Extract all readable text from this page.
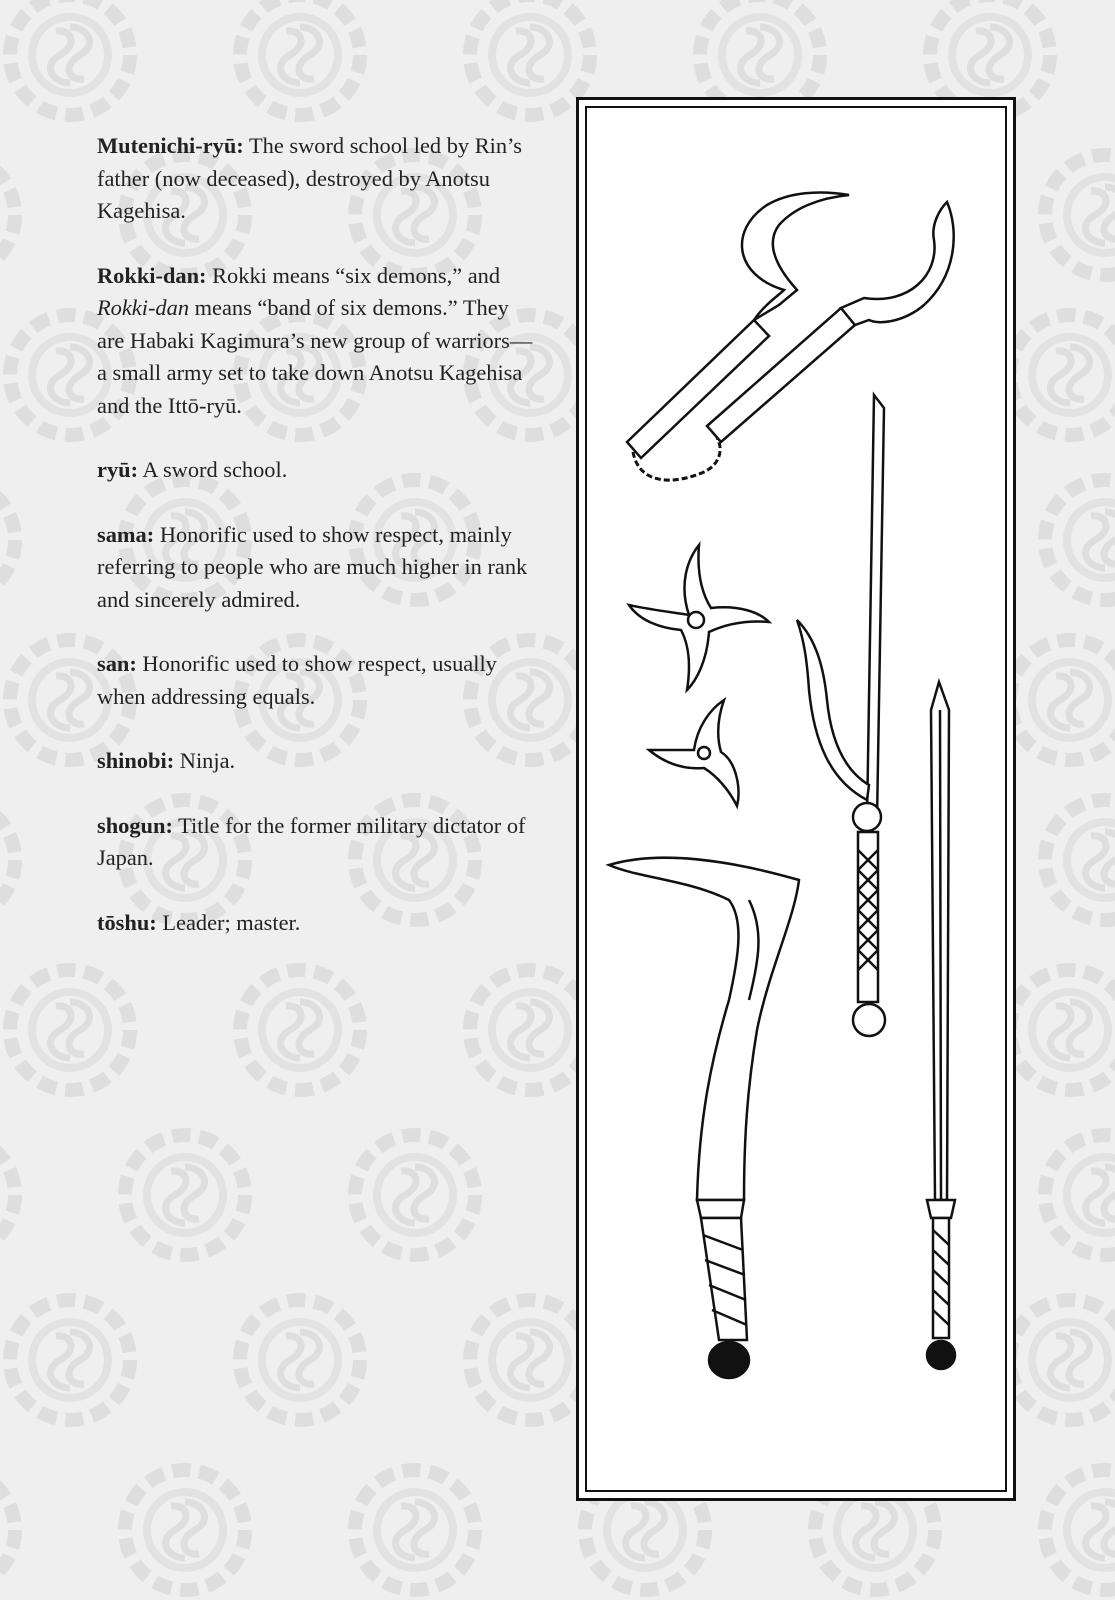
Mutenichi-ryū: The sword school led by Rin’s father (now deceased), destroyed by Anotsu Kagehisa.

Rokki-dan: Rokki means “six demons,” and Rokki-dan means “band of six demons.” They are Habaki Kagimura’s new group of warriors—a small army set to take down Anotsu Kagehisa and the Ittō-ryū.

ryū: A sword school.

sama: Honorific used to show respect, mainly referring to people who are much higher in rank and sincerely admired.

san: Honorific used to show respect, usually when addressing equals.

shinobi: Ninja.

shogun: Title for the former military dictator of Japan.

tōshu: Leader; master.
